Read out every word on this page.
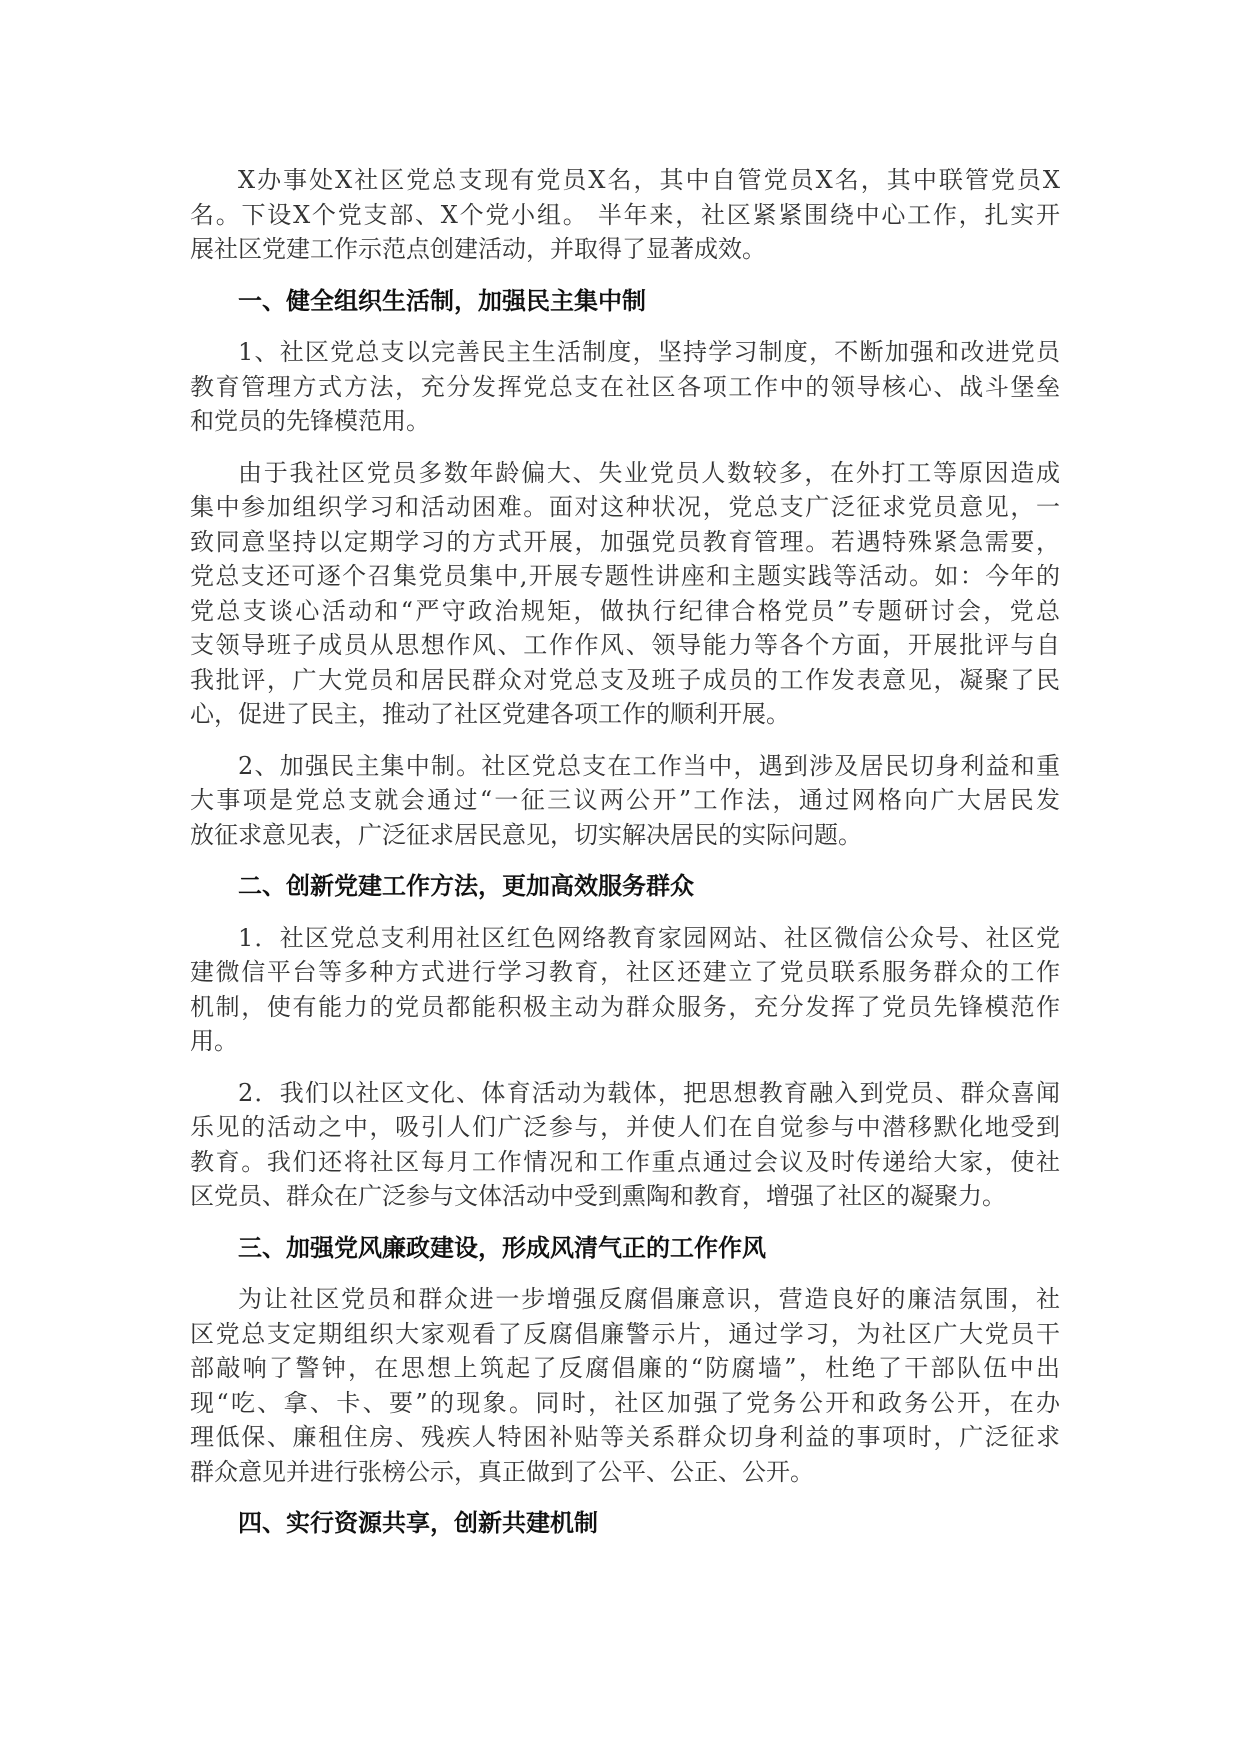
X办事处X社区党总支现有党员X名，其中自管党员X名，其中联管党员X
名。下设X个党支部、X个党小组。 半年来，社区紧紧围绕中心工作，扎实开
展社区党建工作示范点创建活动，并取得了显著成效。
一、健全组织生活制，加强民主集中制
1、社区党总支以完善民主生活制度，坚持学习制度，不断加强和改进党员
教育管理方式方法，充分发挥党总支在社区各项工作中的领导核心、战斗堡垒
和党员的先锋模范用。
由于我社区党员多数年龄偏大、失业党员人数较多，在外打工等原因造成
集中参加组织学习和活动困难。面对这种状况，党总支广泛征求党员意见，一
致同意坚持以定期学习的方式开展，加强党员教育管理。若遇特殊紧急需要，
党总支还可逐个召集党员集中,开展专题性讲座和主题实践等活动。如：今年的
党总支谈心活动和“严守政治规矩，做执行纪律合格党员”专题研讨会，党总
支领导班子成员从思想作风、工作作风、领导能力等各个方面，开展批评与自
我批评，广大党员和居民群众对党总支及班子成员的工作发表意见，凝聚了民
心，促进了民主，推动了社区党建各项工作的顺利开展。
2、加强民主集中制。社区党总支在工作当中，遇到涉及居民切身利益和重
大事项是党总支就会通过“一征三议两公开”工作法，通过网格向广大居民发
放征求意见表，广泛征求居民意见，切实解决居民的实际问题。
二、创新党建工作方法，更加高效服务群众
1．社区党总支利用社区红色网络教育家园网站、社区微信公众号、社区党
建微信平台等多种方式进行学习教育，社区还建立了党员联系服务群众的工作
机制，使有能力的党员都能积极主动为群众服务，充分发挥了党员先锋模范作
用。
2．我们以社区文化、体育活动为载体，把思想教育融入到党员、群众喜闻
乐见的活动之中，吸引人们广泛参与，并使人们在自觉参与中潜移默化地受到
教育。我们还将社区每月工作情况和工作重点通过会议及时传递给大家，使社
区党员、群众在广泛参与文体活动中受到熏陶和教育，增强了社区的凝聚力。
三、加强党风廉政建设，形成风清气正的工作作风
为让社区党员和群众进一步增强反腐倡廉意识，营造良好的廉洁氛围，社
区党总支定期组织大家观看了反腐倡廉警示片，通过学习，为社区广大党员干
部敲响了警钟，在思想上筑起了反腐倡廉的“防腐墙”，杜绝了干部队伍中出
现“吃、拿、卡、要”的现象。同时，社区加强了党务公开和政务公开，在办
理低保、廉租住房、残疾人特困补贴等关系群众切身利益的事项时，广泛征求
群众意见并进行张榜公示，真正做到了公平、公正、公开。
四、实行资源共享，创新共建机制
